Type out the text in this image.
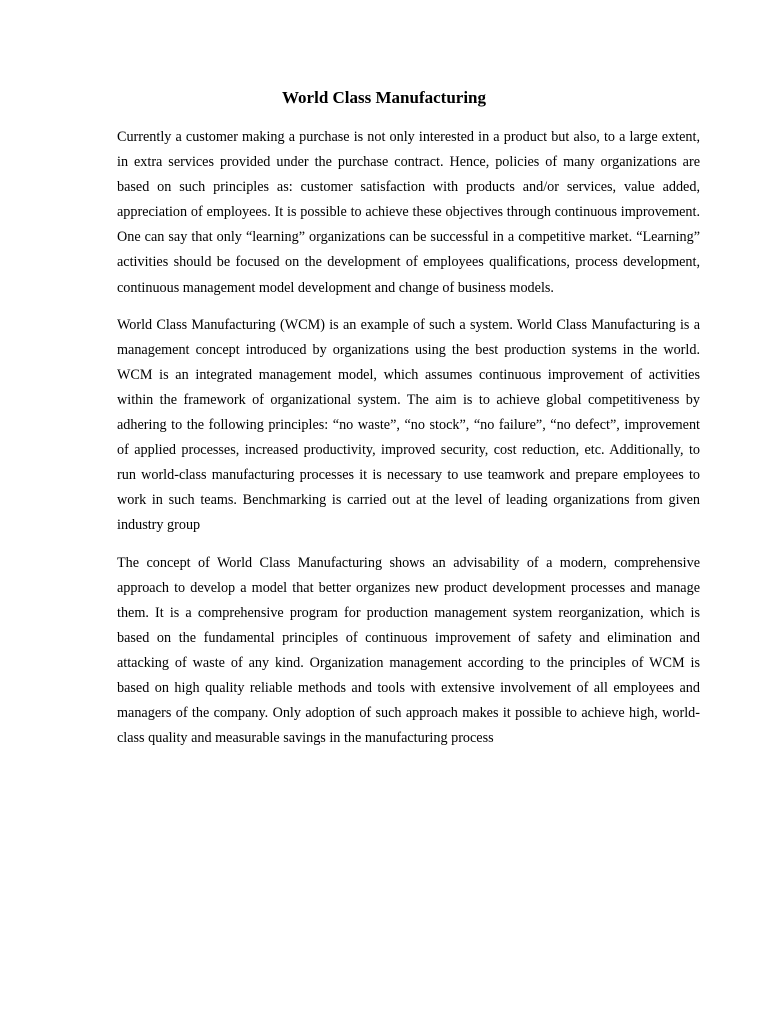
World Class Manufacturing

Currently a customer making a purchase is not only interested in a product but also, to a large extent, in extra services provided under the purchase contract. Hence, policies of many organizations are based on such principles as: customer satisfaction with products and/or services, value added, appreciation of employees. It is possible to achieve these objectives through continuous improvement. One can say that only “learning” organizations can be successful in a competitive market. “Learning” activities should be focused on the development of employees qualifications, process development, continuous management model development and change of business models.

World Class Manufacturing (WCM) is an example of such a system. World Class Manufacturing is a management concept introduced by organizations using the best production systems in the world. WCM is an integrated management model, which assumes continuous improvement of activities within the framework of organizational system. The aim is to achieve global competitiveness by adhering to the following principles: “no waste”, “no stock”, “no failure”, “no defect”, improvement of applied processes, increased productivity, improved security, cost reduction, etc. Additionally, to run world-class manufacturing processes it is necessary to use teamwork and prepare employees to work in such teams. Benchmarking is carried out at the level of leading organizations from given industry group

The concept of World Class Manufacturing shows an advisability of a modern, comprehensive approach to develop a model that better organizes new product development processes and manage them. It is a comprehensive program for production management system reorganization, which is based on the fundamental principles of continuous improvement of safety and elimination and attacking of waste of any kind. Organization management according to the principles of WCM is based on high quality reliable methods and tools with extensive involvement of all employees and managers of the company. Only adoption of such approach makes it possible to achieve high, world-class quality and measurable savings in the manufacturing process
